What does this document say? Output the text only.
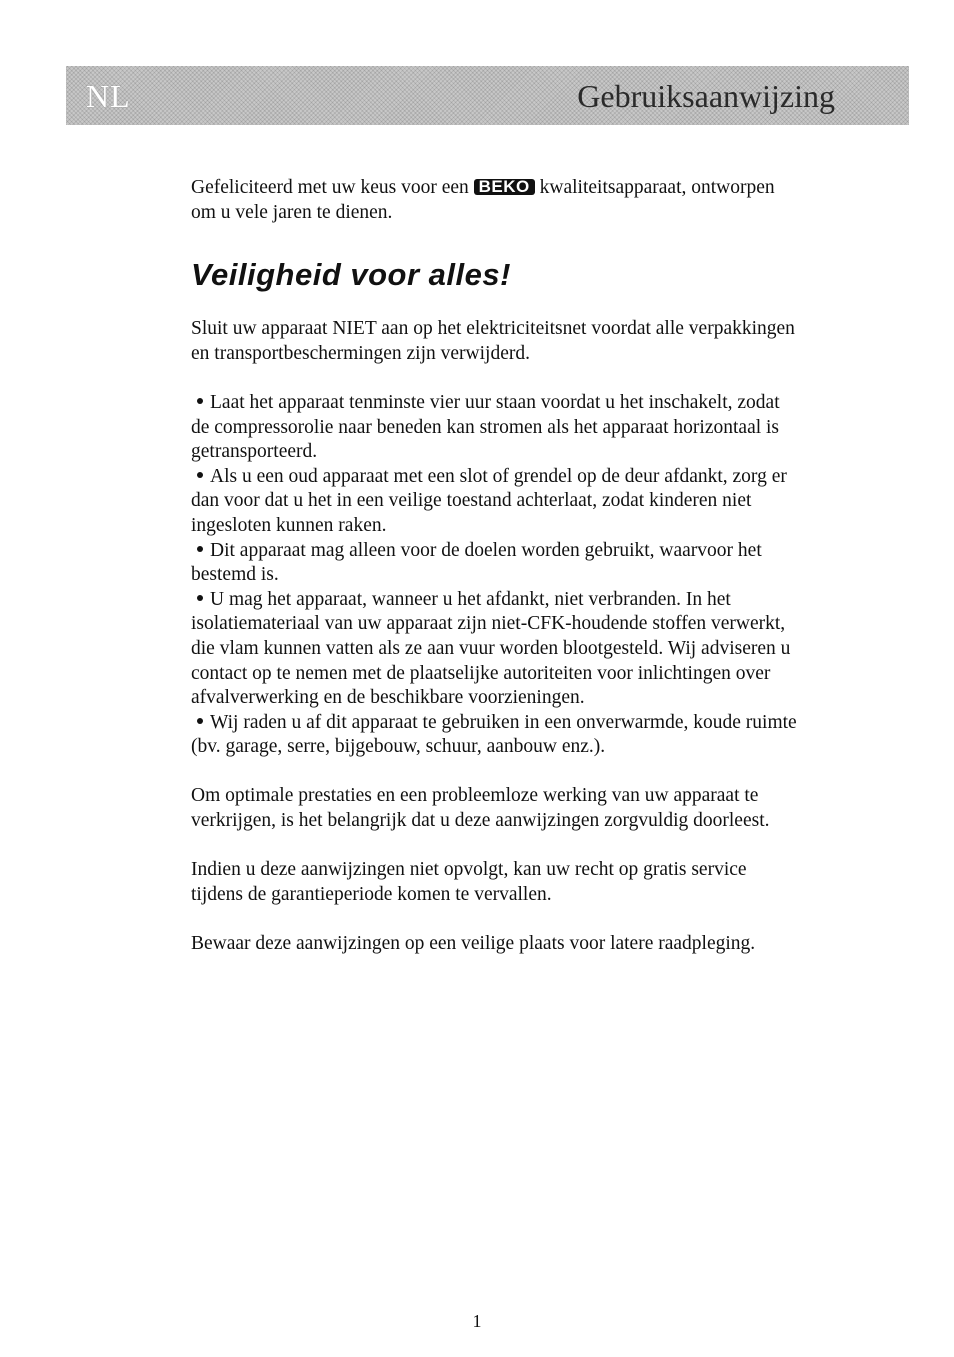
NL	Gebruiksaanwijzing

Gefeliciteerd met uw keus voor een BEKO kwaliteitsapparaat, ontworpen om u vele jaren te dienen.

Veiligheid voor alles!

Sluit uw apparaat NIET aan op het elektriciteitsnet voordat alle verpakkingen en transportbeschermingen zijn verwijderd.

Laat het apparaat tenminste vier uur staan voordat u het inschakelt, zodat de compressorolie naar beneden kan stromen als het apparaat horizontaal is getransporteerd.
Als u een oud apparaat met een slot of grendel op de deur afdankt, zorg er dan voor dat u het in een veilige toestand achterlaat, zodat kinderen niet ingesloten kunnen raken.
Dit apparaat mag alleen voor de doelen worden gebruikt, waarvoor het bestemd is.
U mag het apparaat, wanneer u het afdankt, niet verbranden. In het isolatiemateriaal van uw apparaat zijn niet-CFK-houdende stoffen verwerkt, die vlam kunnen vatten als ze aan vuur worden blootgesteld. Wij adviseren u contact op te nemen met de plaatselijke autoriteiten voor inlichtingen over afvalverwerking en de beschikbare voorzieningen.
Wij raden u af dit apparaat te gebruiken in een onverwarmde, koude ruimte (bv. garage, serre, bijgebouw, schuur, aanbouw enz.).

Om optimale prestaties en een probleemloze werking van uw apparaat te verkrijgen, is het belangrijk dat u deze aanwijzingen zorgvuldig doorleest.

Indien u deze aanwijzingen niet opvolgt, kan uw recht op gratis service tijdens de garantieperiode komen te vervallen.

Bewaar deze aanwijzingen op een veilige plaats voor latere raadpleging.

1
